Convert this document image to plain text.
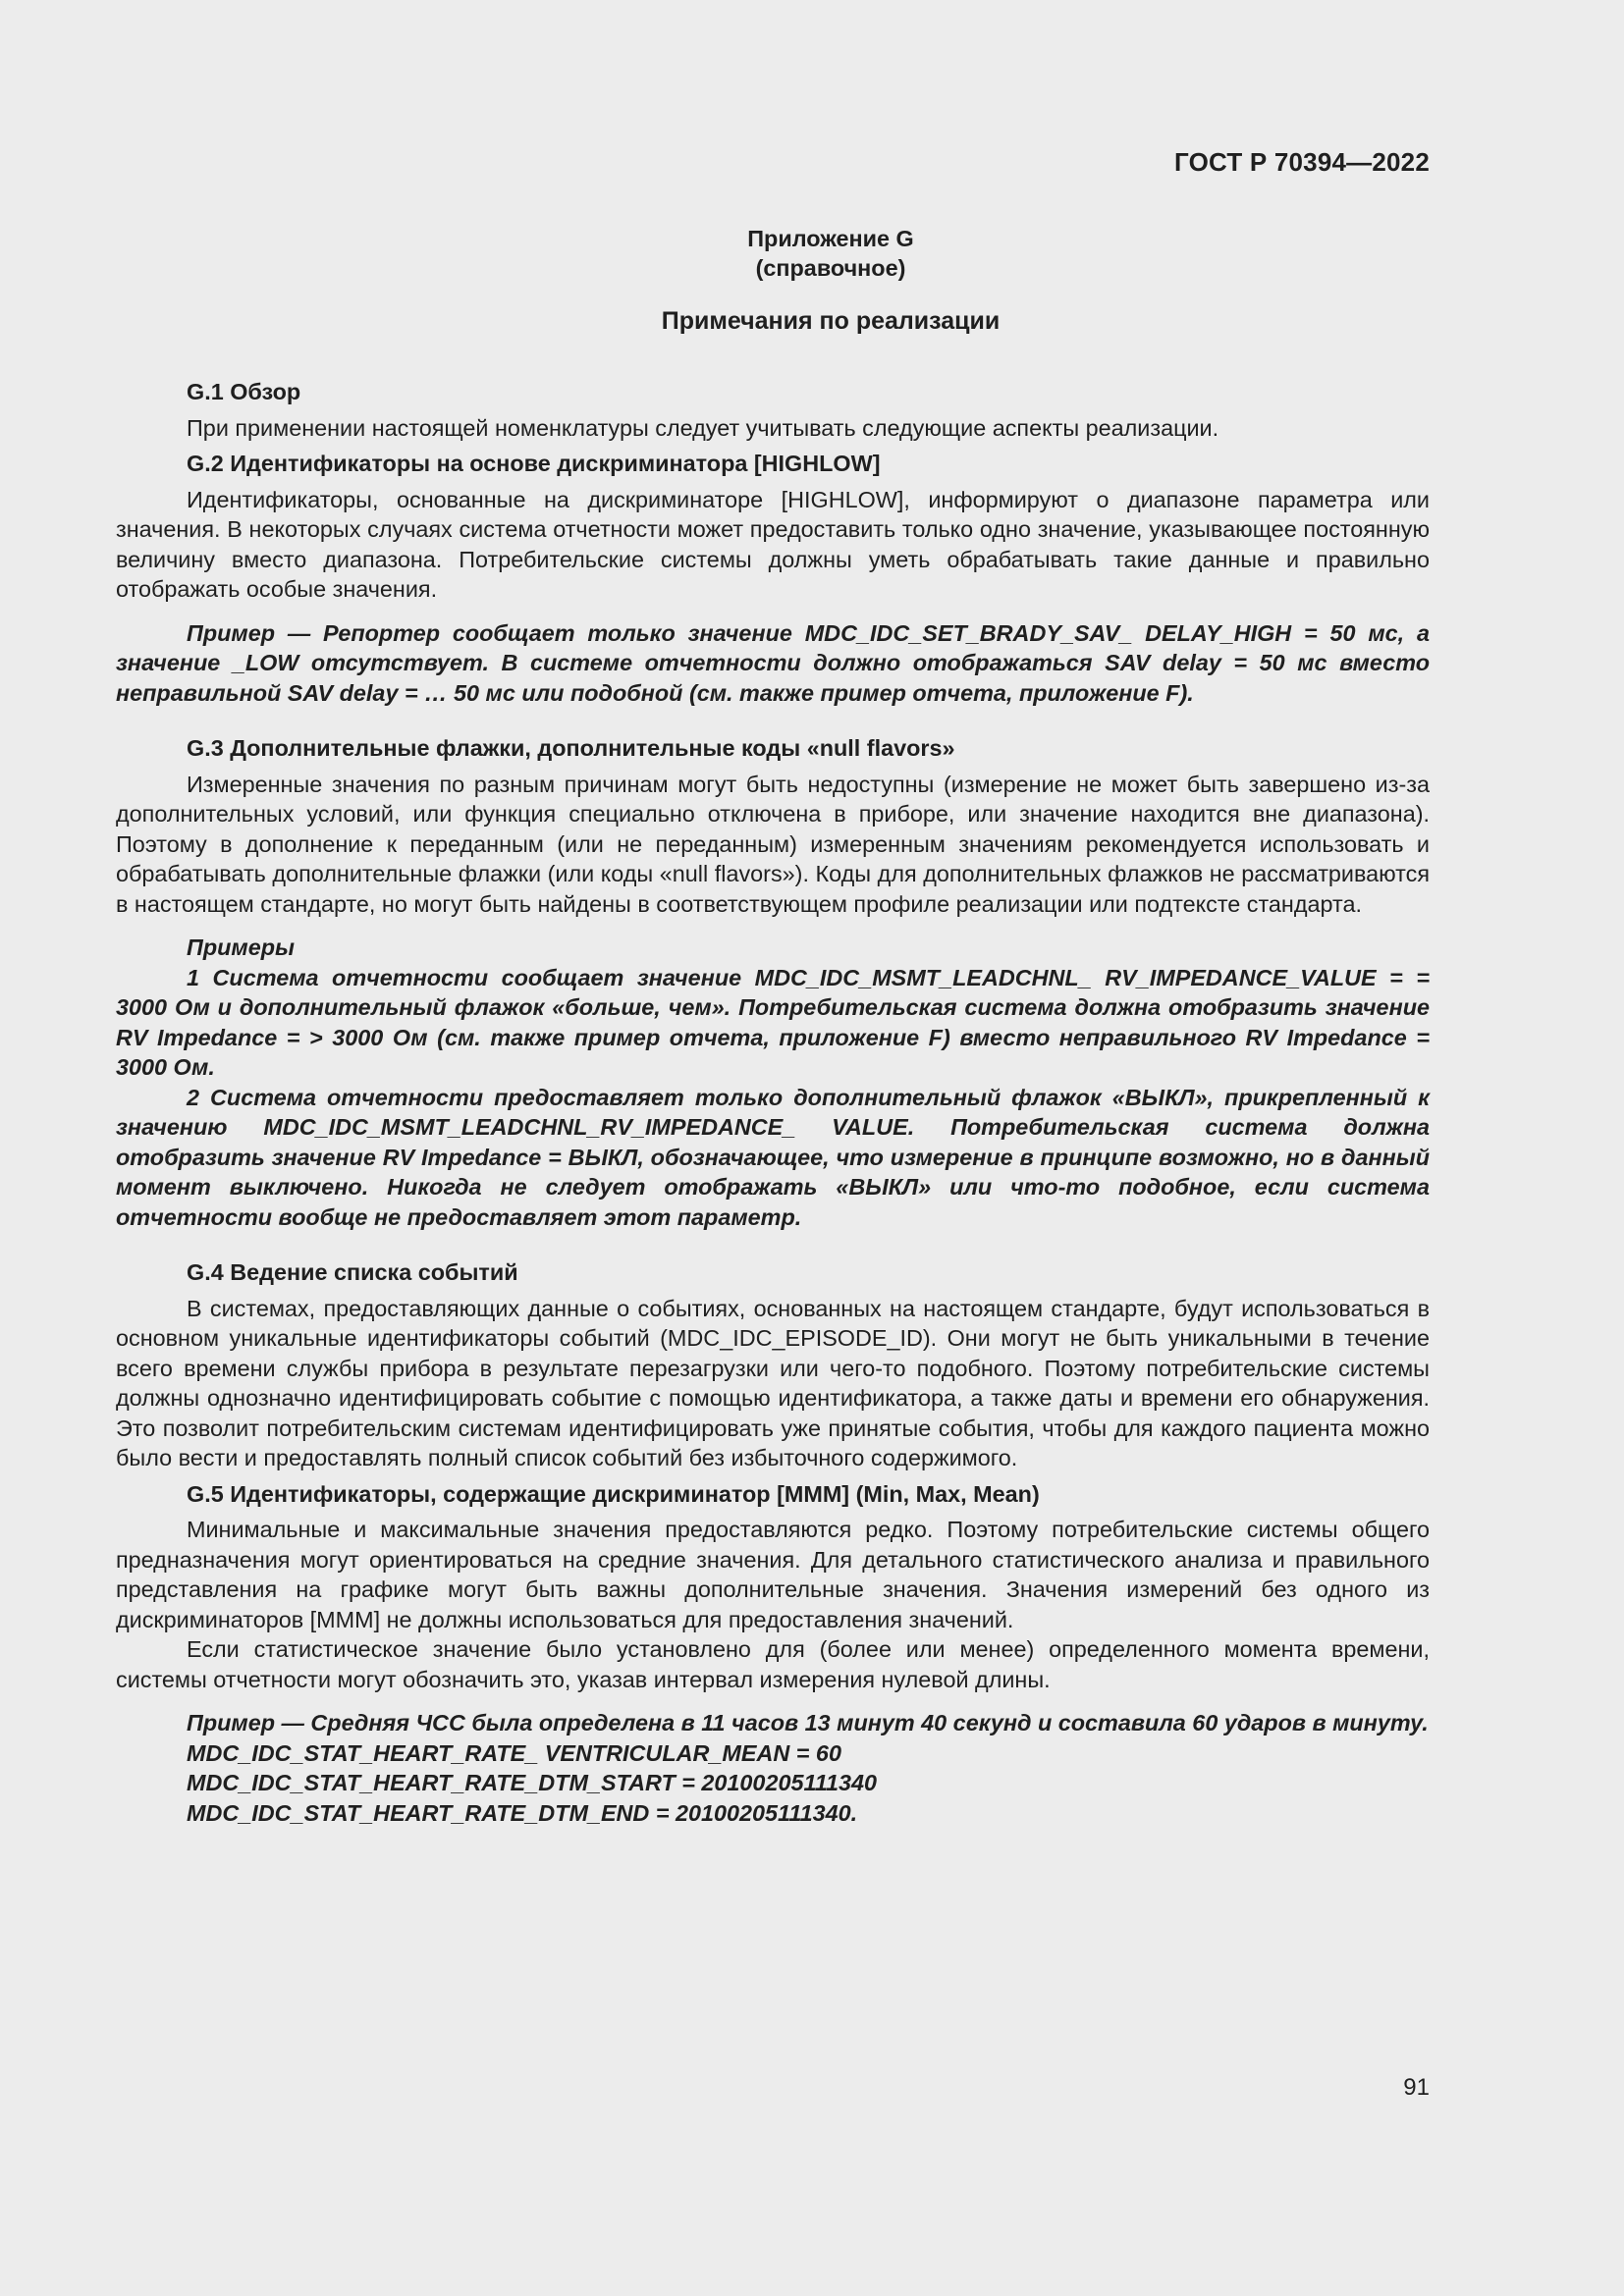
ГОСТ Р 70394—2022
Приложение G
(справочное)
Примечания по реализации
G.1 Обзор

При применении настоящей номенклатуры следует учитывать следующие аспекты реализации.

G.2 Идентификаторы на основе дискриминатора [HIGHLOW]

Идентификаторы, основанные на дискриминаторе [HIGHLOW], информируют о диапазоне параметра или значения. В некоторых случаях система отчетности может предоставить только одно значение, указывающее постоянную величину вместо диапазона. Потребительские системы должны уметь обрабатывать такие данные и правильно отображать особые значения.

Пример — Репортер сообщает только значение MDC_IDC_SET_BRADY_SAV_ DELAY_HIGH = 50 мс, а значение _LOW отсутствует. В системе отчетности должно отображаться SAV delay = 50 мс вместо неправильной SAV delay = … 50 мс или подобной (см. также пример отчета, приложение F).

G.3 Дополнительные флажки, дополнительные коды «null flavors»

Измеренные значения по разным причинам могут быть недоступны (измерение не может быть завершено из-за дополнительных условий, или функция специально отключена в приборе, или значение находится вне диапазона). Поэтому в дополнение к переданным (или не переданным) измеренным значениям рекомендуется использовать и обрабатывать дополнительные флажки (или коды «null flavors»). Коды для дополнительных флажков не рассматриваются в настоящем стандарте, но могут быть найдены в соответствующем профиле реализации или подтексте стандарта.

Примеры

1 Система отчетности сообщает значение MDC_IDC_MSMT_LEADCHNL_ RV_IMPEDANCE_VALUE = = 3000 Ом и дополнительный флажок «больше, чем». Потребительская система должна отобразить значение RV Impedance = > 3000 Ом (см. также пример отчета, приложение F) вместо неправильного RV Impedance = 3000 Ом.

2 Система отчетности предоставляет только дополнительный флажок «ВЫКЛ», прикрепленный к значению MDC_IDC_MSMT_LEADCHNL_RV_IMPEDANCE_ VALUE. Потребительская система должна отобразить значение RV Impedance = ВЫКЛ, обозначающее, что измерение в принципе возможно, но в данный момент выключено. Никогда не следует отображать «ВЫКЛ» или что-то подобное, если система отчетности вообще не предоставляет этот параметр.

G.4 Ведение списка событий

В системах, предоставляющих данные о событиях, основанных на настоящем стандарте, будут использоваться в основном уникальные идентификаторы событий (MDC_IDC_EPISODE_ID). Они могут не быть уникальными в течение всего времени службы прибора в результате перезагрузки или чего-то подобного. Поэтому потребительские системы должны однозначно идентифицировать событие с помощью идентификатора, а также даты и времени его обнаружения. Это позволит потребительским системам идентифицировать уже принятые события, чтобы для каждого пациента можно было вести и предоставлять полный список событий без избыточного содержимого.

G.5 Идентификаторы, содержащие дискриминатор [MMM] (Min, Max, Mean)

Минимальные и максимальные значения предоставляются редко. Поэтому потребительские системы общего предназначения могут ориентироваться на средние значения. Для детального статистического анализа и правильного представления на графике могут быть важны дополнительные значения. Значения измерений без одного из дискриминаторов [MMM] не должны использоваться для предоставления значений.

Если статистическое значение было установлено для (более или менее) определенного момента времени, системы отчетности могут обозначить это, указав интервал измерения нулевой длины.

Пример — Средняя ЧСС была определена в 11 часов 13 минут 40 секунд и составила 60 ударов в минуту.

MDC_IDC_STAT_HEART_RATE_ VENTRICULAR_MEAN = 60
MDC_IDC_STAT_HEART_RATE_DTM_START = 20100205111340
MDC_IDC_STAT_HEART_RATE_DTM_END = 20100205111340.
91
